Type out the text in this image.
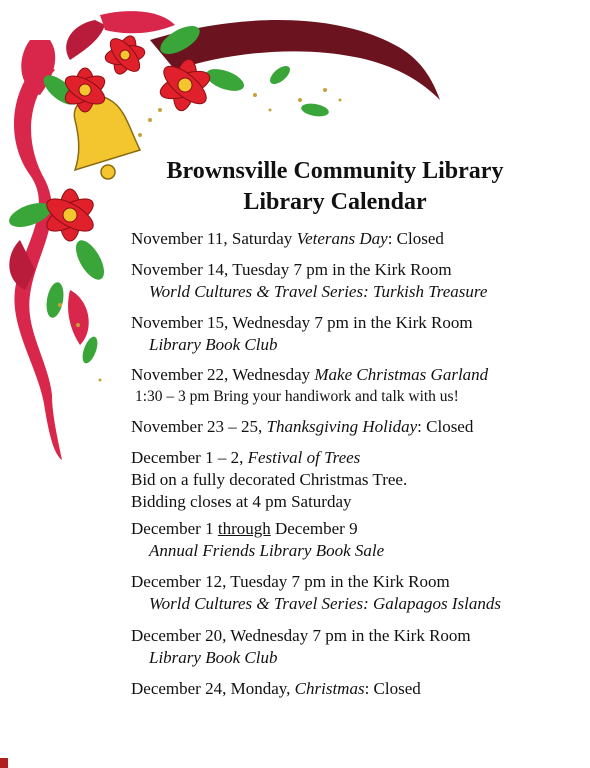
Brownsville Community Library
Library Calendar
November 11, Saturday Veterans Day: Closed
November 14, Tuesday 7 pm in the Kirk Room
World Cultures & Travel Series: Turkish Treasure
November 15, Wednesday 7 pm in the Kirk Room
Library Book Club
November 22, Wednesday Make Christmas Garland
1:30 – 3 pm Bring your handiwork and talk with us!
November 23 – 25, Thanksgiving Holiday: Closed
December 1 – 2, Festival of Trees
Bid on a fully decorated Christmas Tree.
Bidding closes at 4 pm Saturday
December 1 through December 9
Annual Friends Library Book Sale
December 12, Tuesday 7 pm in the Kirk Room
World Cultures & Travel Series: Galapagos Islands
December 20, Wednesday 7 pm in the Kirk Room
Library Book Club
December 24, Monday, Christmas: Closed
